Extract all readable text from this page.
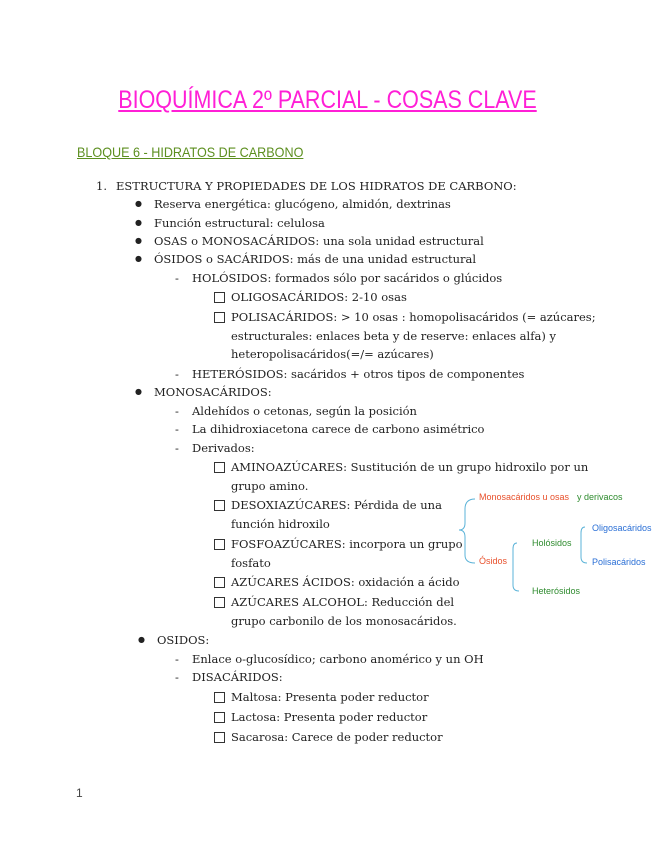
BIOQUÍMICA 2º PARCIAL - COSAS CLAVE
BLOQUE 6 - HIDRATOS DE CARBONO
1. ESTRUCTURA Y PROPIEDADES DE LOS HIDRATOS DE CARBONO:
● Reserva energética: glucógeno, almidón, dextrinas
● Función estructural: celulosa
● OSAS o MONOSACÁRIDOS: una sola unidad estructural
● ÓSIDOS o SACÁRIDOS: más de una unidad estructural
- HOLÓSIDOS: formados sólo por sacáridos o glúcidos
OLIGOSACÁRIDOS: 2-10 osas
POLISACÁRIDOS: > 10 osas : homopolisacáridos (= azúcares;
estructurales: enlaces beta y de reserve: enlaces alfa) y
heteropolisacáridos(=/= azúcares)
- HETERÓSIDOS: sacáridos + otros tipos de componentes
● MONOSACÁRIDOS:
- Aldehídos o cetonas, según la posición
- La dihidroxiacetona carece de carbono asimétrico
- Derivados:
AMINOAZÚCARES: Sustitución de un grupo hidroxilo por un
grupo amino.
DESOXIAZÚCARES: Pérdida de una
función hidroxilo
FOSFOAZÚCARES: incorpora un grupo
fosfato
AZÚCARES ÁCIDOS: oxidación a ácido
AZÚCARES ALCOHOL: Reducción del
grupo carbonilo de los monosacáridos.
● OSIDOS:
- Enlace o-glucosídico; carbono anomérico y un OH
- DISACÁRIDOS:
Maltosa: Presenta poder reductor
Lactosa: Presenta poder reductor
Sacarosa: Carece de poder reductor
Monosacáridos u osas y derivacos
Ósidos
Holósidos
Oligosacáridos
Polisacáridos
Heterósidos
1
